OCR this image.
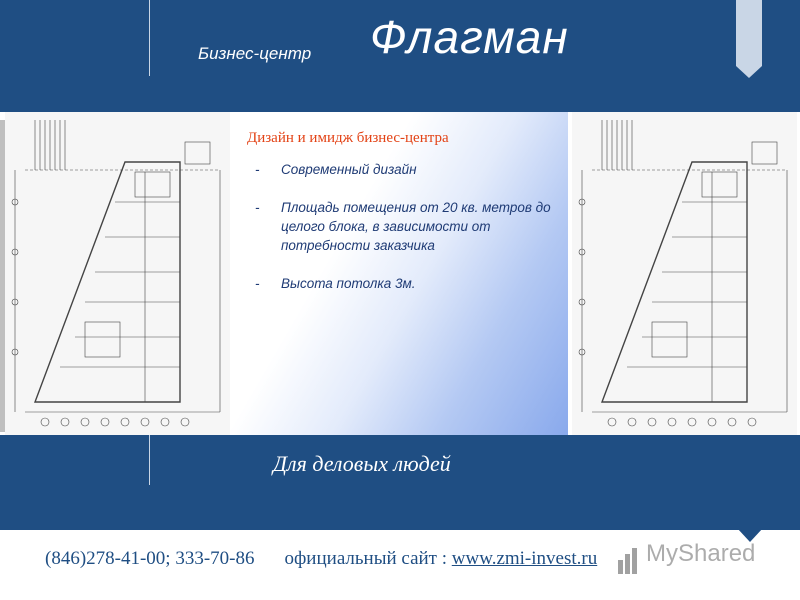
Бизнес-центр Флагман
Дизайн и имидж бизнес-центра
- Современный дизайн
- Площадь помещения от 20 кв. метров до целого блока, в зависимости от потребности заказчика
- Высота потолка 3м.
Для деловых людей
(846)278-41-00; 333-70-86 официальный сайт : www.zmi-invest.ru MyShared
